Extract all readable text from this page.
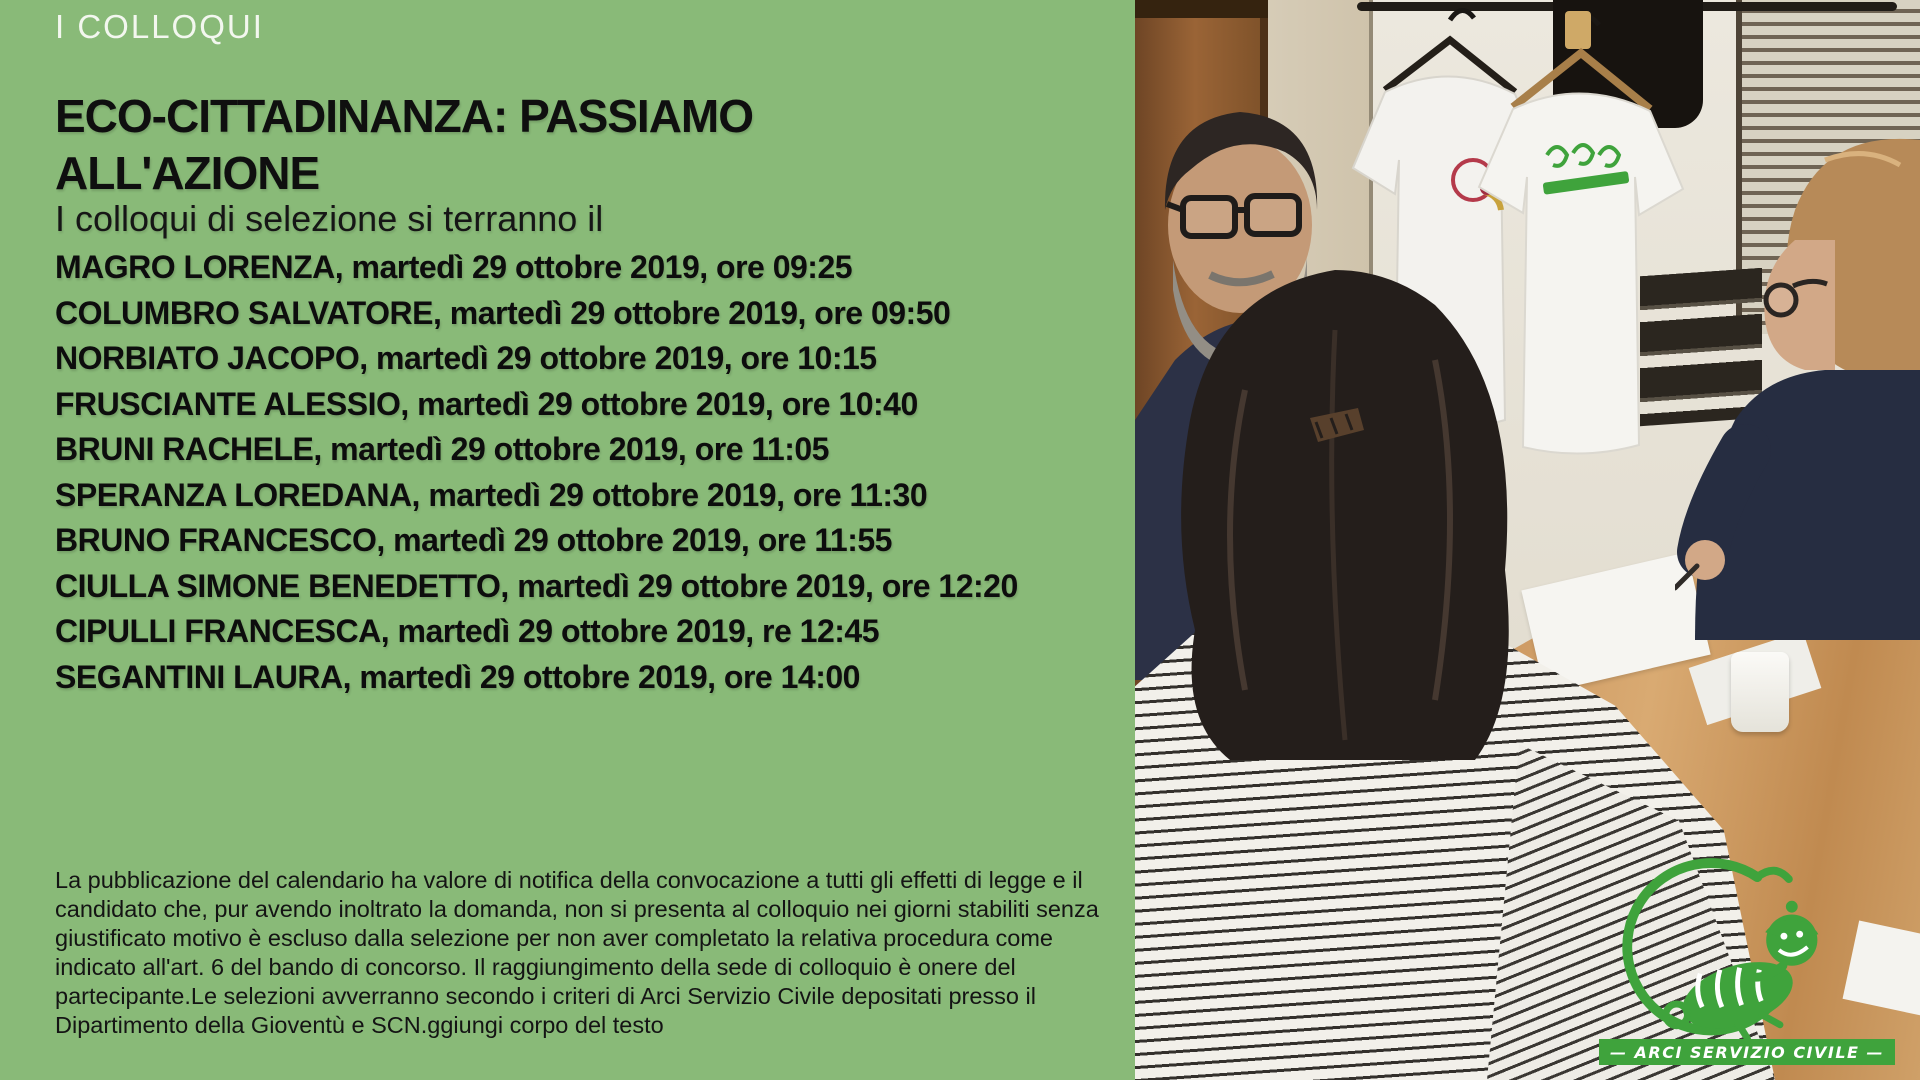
I COLLOQUI
ECO-CITTADINANZA: PASSIAMO ALL'AZIONE

I colloqui di selezione si terranno il

MAGRO LORENZA, martedì 29 ottobre 2019, ore 09:25
COLUMBRO SALVATORE, martedì 29 ottobre 2019, ore 09:50
NORBIATO JACOPO, martedì 29 ottobre 2019, ore 10:15
FRUSCIANTE ALESSIO, martedì 29 ottobre 2019, ore 10:40
BRUNI RACHELE, martedì 29 ottobre 2019, ore 11:05
SPERANZA LOREDANA, martedì 29 ottobre 2019, ore 11:30
BRUNO FRANCESCO, martedì 29 ottobre 2019, ore 11:55
CIULLA SIMONE BENEDETTO, martedì 29 ottobre 2019, ore 12:20
CIPULLI FRANCESCA, martedì 29 ottobre 2019, re 12:45
SEGANTINI LAURA, martedì 29 ottobre 2019, ore 14:00

La pubblicazione del calendario ha valore di notifica della convocazione a tutti gli effetti di legge e il candidato che, pur avendo inoltrato la domanda, non si presenta al colloquio nei giorni stabiliti senza giustificato motivo è escluso dalla selezione per non aver completato la relativa procedura come indicato all'art. 6 del bando di concorso. Il raggiungimento della sede di colloquio è onere del partecipante.Le selezioni avverranno secondo i criteri di Arci Servizio Civile depositati presso il Dipartimento della Gioventù e SCN.ggiungi corpo del testo

— ARCI SERVIZIO CIVILE —
